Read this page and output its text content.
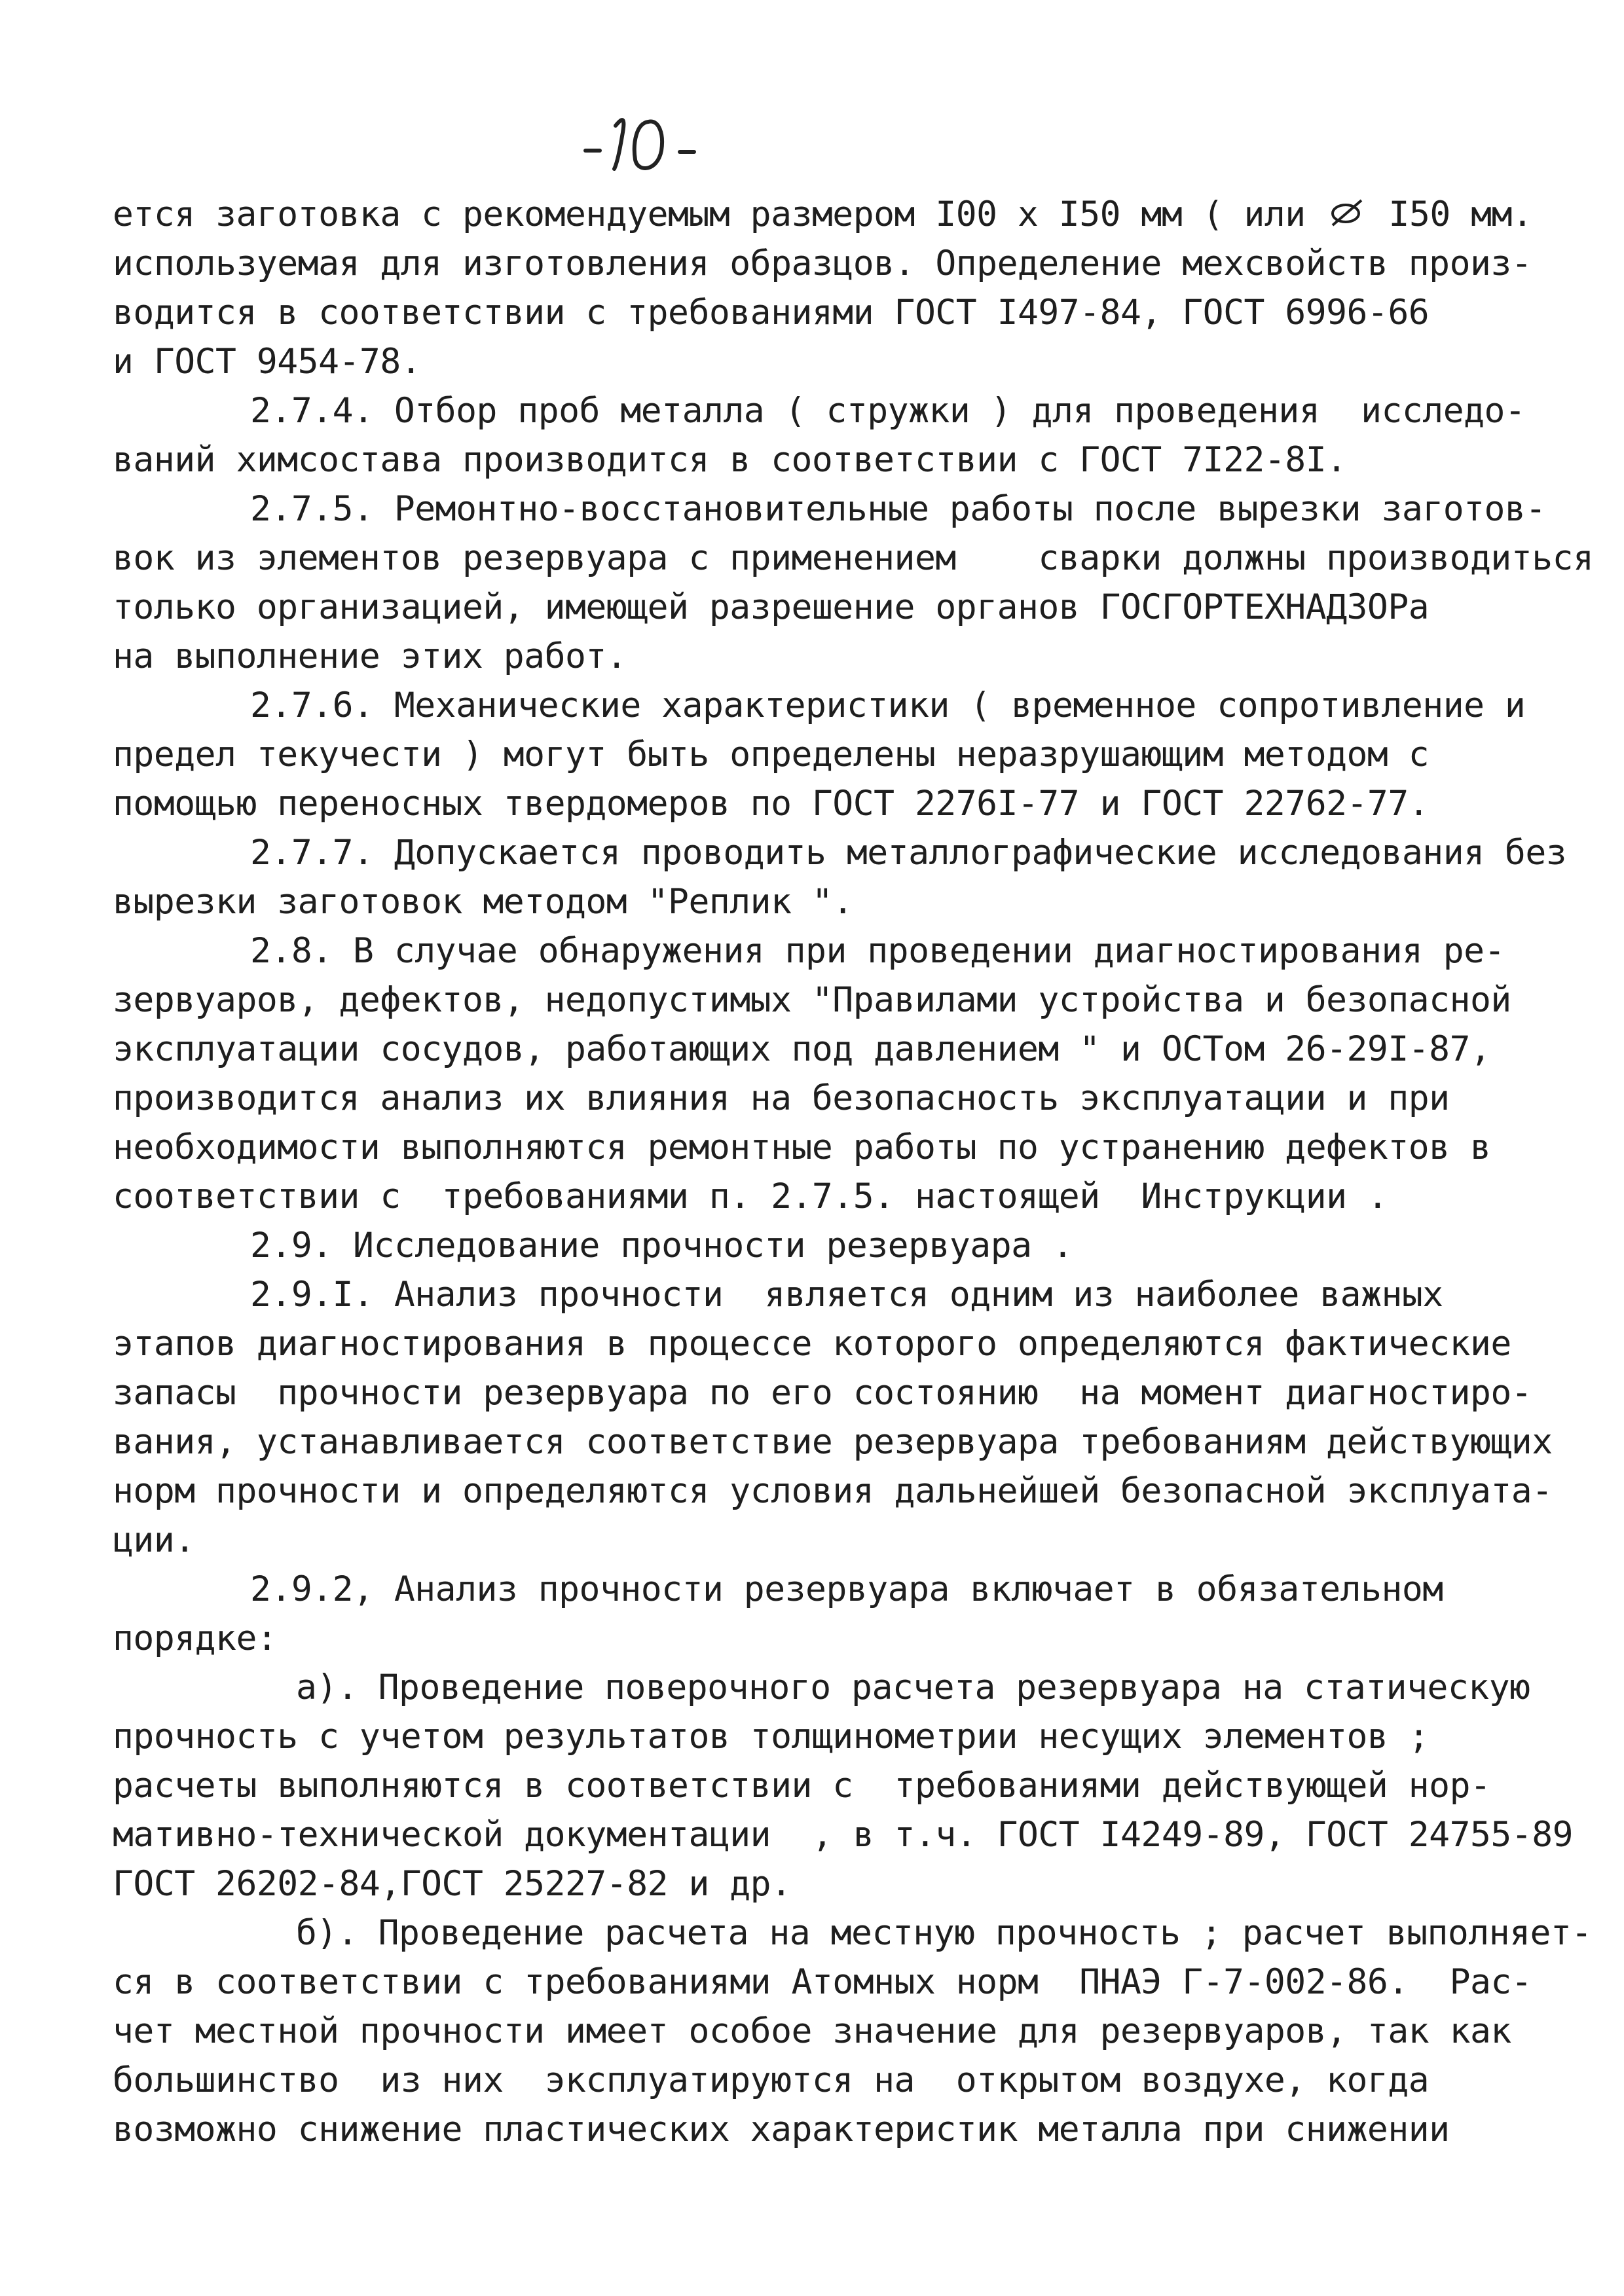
ется заготовка с рекомендуемым размером I00 х I50 мм ( или  I50 мм.
используемая для изготовления образцов. Определение мехсвойств произ-
водится в соответствии с требованиями ГОСТ I497-84, ГОСТ 6996-66
и ГОСТ 9454-78.
2.7.4. Отбор проб металла ( стружки ) для проведения  исследо-
ваний химсостава производится в соответствии с ГОСТ 7I22-8I.
2.7.5. Ремонтно-восстановительные работы после вырезки заготов-
вок из элементов резервуара с применением    сварки должны производиться
только организацией, имеющей разрешение органов ГОСГОРТЕХНАДЗОРа
на выполнение этих работ.
2.7.6. Механические характеристики ( временное сопротивление и
предел текучести ) могут быть определены неразрушающим методом с
помощью переносных твердомеров по ГОСТ 2276I-77 и ГОСТ 22762-77.
2.7.7. Допускается проводить металлографические исследования без
вырезки заготовок методом "Реплик ".
2.8. В случае обнаружения при проведении диагностирования ре-
зервуаров, дефектов, недопустимых "Правилами устройства и безопасной
эксплуатации сосудов, работающих под давлением " и ОСТом 26-29I-87,
производится анализ их влияния на безопасность эксплуатации и при
необходимости выполняются ремонтные работы по устранению дефектов в
соответствии с  требованиями п. 2.7.5. настоящей  Инструкции .
2.9. Исследование прочности резервуара .
2.9.I. Анализ прочности  является одним из наиболее важных
этапов диагностирования в процессе которого определяются фактические
запасы  прочности резервуара по его состоянию  на момент диагностиро-
вания, устанавливается соответствие резервуара требованиям действующих
норм прочности и определяются условия дальнейшей безопасной эксплуата-
ции.
2.9.2, Анализ прочности резервуара включает в обязательном
порядке:
а). Проведение поверочного расчета резервуара на статическую
прочность с учетом результатов толщинометрии несущих элементов ;
расчеты выполняются в соответствии с  требованиями действующей нор-
мативно-технической документации  , в т.ч. ГОСТ I4249-89, ГОСТ 24755-89
ГОСТ 26202-84,ГОСТ 25227-82 и др.
б). Проведение расчета на местную прочность ; расчет выполняет-
ся в соответствии с требованиями Атомных норм  ПНАЭ Г-7-002-86.  Рас-
чет местной прочности имеет особое значение для резервуаров, так как
большинство  из них  эксплуатируются на  открытом воздухе, когда
возможно снижение пластических характеристик металла при снижении
